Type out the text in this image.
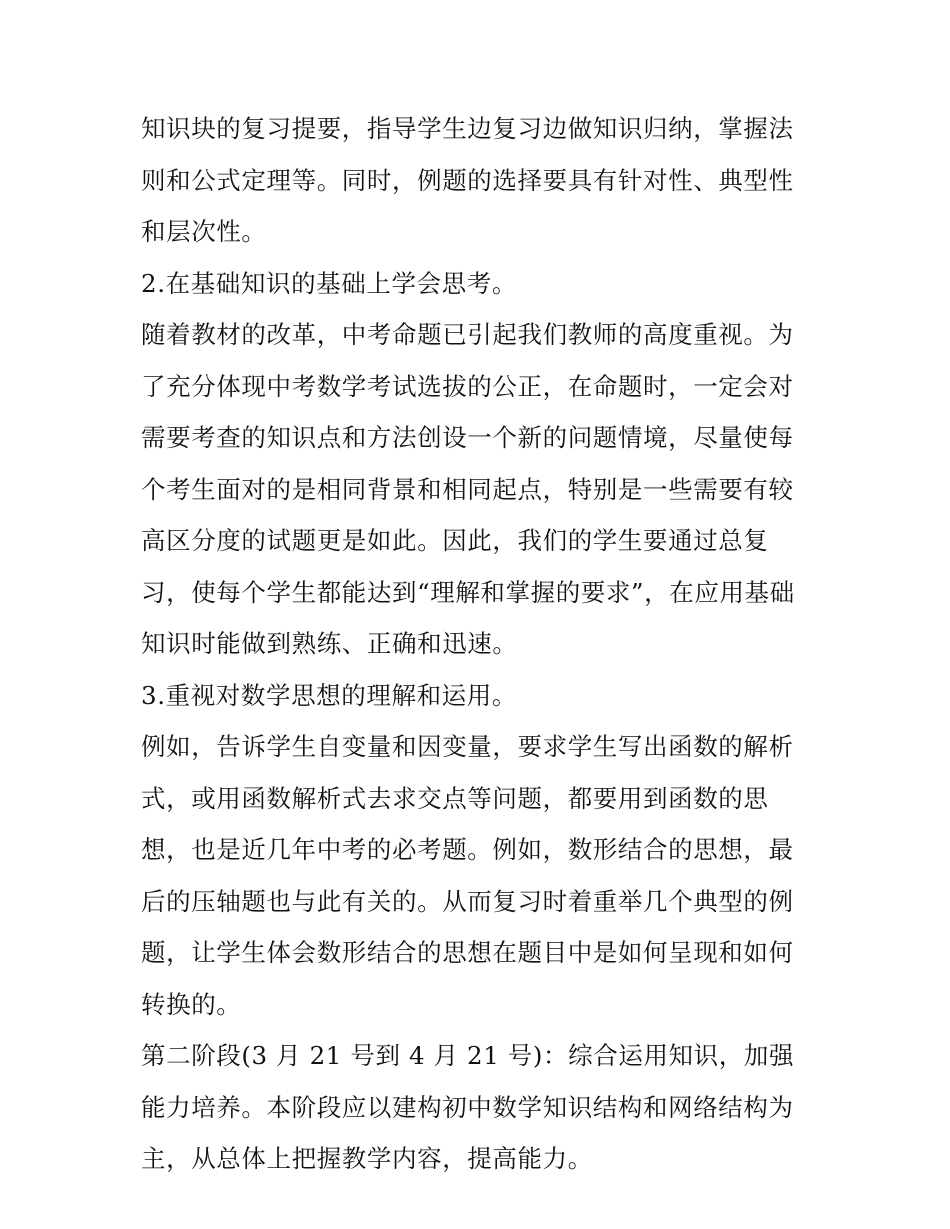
知识块的复习提要，指导学生边复习边做知识归纳，掌握法则和公式定理等。同时，例题的选择要具有针对性、典型性和层次性。

2.在基础知识的基础上学会思考。

随着教材的改革，中考命题已引起我们教师的高度重视。为了充分体现中考数学考试选拔的公正，在命题时，一定会对需要考查的知识点和方法创设一个新的问题情境，尽量使每个考生面对的是相同背景和相同起点，特别是一些需要有较高区分度的试题更是如此。因此，我们的学生要通过总复习，使每个学生都能达到“理解和掌握的要求”，在应用基础知识时能做到熟练、正确和迅速。

3.重视对数学思想的理解和运用。

例如，告诉学生自变量和因变量，要求学生写出函数的解析式，或用函数解析式去求交点等问题，都要用到函数的思想，也是近几年中考的必考题。例如，数形结合的思想，最后的压轴题也与此有关的。从而复习时着重举几个典型的例题，让学生体会数形结合的思想在题目中是如何呈现和如何转换的。

第二阶段(3 月 21 号到 4 月 21 号)：综合运用知识，加强能力培养。本阶段应以建构初中数学知识结构和网络结构为主，从总体上把握教学内容，提高能力。
